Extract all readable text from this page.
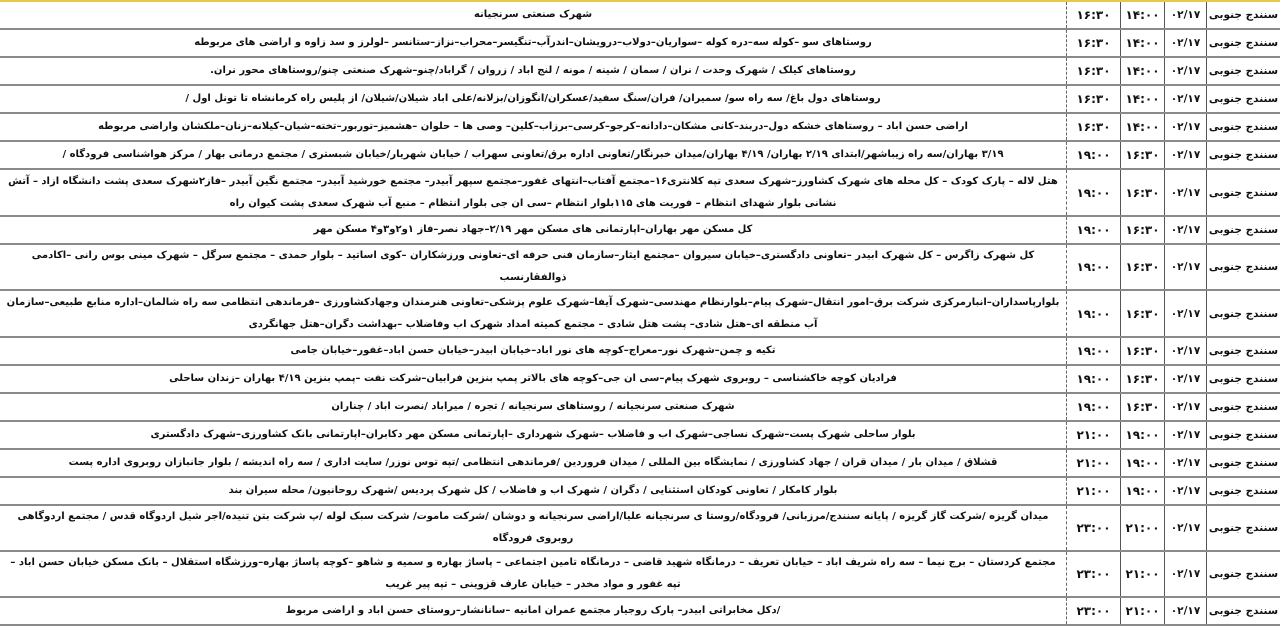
سنندج جنوبی
۰۲/۱۷
۱۴:۰۰
۱۶:۳۰
شهرک صنعتی سرنجیانه
سنندج جنوبی
۰۲/۱۷
۱۴:۰۰
۱۶:۳۰
روستاهای سو –کوله سه–دره کوله –سواریان–دولاب–درویشان–اندرآب–تنگیسر–محراب–نزاز–ستانسر –لولرز و سد زاوه و اراضی های مربوطه
سنندج جنوبی
۰۲/۱۷
۱۴:۰۰
۱۶:۳۰
روستاهای کیلک / شهرک وحدت / نران / سمان / شینه / مونه / لنج اباد / زروان / گراباد/چنو–شهرک صنعتی چنو/روستاهای محور نران.
سنندج جنوبی
۰۲/۱۷
۱۴:۰۰
۱۶:۳۰
روستاهای دول باغ/ سه راه سو/ سمیران/ فران/سنگ سفید/عسکران/انگوزان/بزلانه/علی اباد شیلان/شیلان/ از پلیس راه کرمانشاه تا تونل اول /
سنندج جنوبی
۰۲/۱۷
۱۴:۰۰
۱۶:۳۰
اراضی حسن اباد – روستاهای خشکه دول–دربند–کانی مشکان–دادانه–کرجو–کرسی–برزاب–کلین– وصی ها – حلوان –هشمیز–توربور–تخته–شیان–کیلانه–زنان–ملکشان واراضی مربوطه
سنندج جنوبی
۰۲/۱۷
۱۶:۳۰
۱۹:۰۰
۳/۱۹ بهاران/سه راه زیباشهر/ابتدای ۲/۱۹ بهاران/ ۴/۱۹ بهاران/میدان خبرنگار/تعاونی اداره برق/تعاونی سهراب / خیابان شهریار/خیابان شبستری / مجتمع درمانی بهار / مرکز هواشناسی فرودگاه /
سنندج جنوبی
۰۲/۱۷
۱۶:۳۰
۱۹:۰۰
هتل لاله – پارک کودک – کل محله های شهرک کشاورز–شهرک سعدی تپه کلانتری۱۶–مجتمع آفتاب–انتهای غفور–مجتمع سپهر آبیدر– مجتمع خورشید آبیدر– مجتمع نگین آبیدر –فاز۲شهرک سعدی پشت دانشگاه ازاد – آتش نشانی بلوار شهدای انتظام – فوریت های ۱۱۵بلوار انتظام –سی ان جی بلوار انتظام – منبع آب شهرک سعدی پشت کیوان راه
سنندج جنوبی
۰۲/۱۷
۱۶:۳۰
۱۹:۰۰
کل مسکن مهر بهاران–اپارتمانی های مسکن مهر ۲/۱۹–جهاد نصر–فاز ۱و۲و۳و۴ مسکن مهر
سنندج جنوبی
۰۲/۱۷
۱۶:۳۰
۱۹:۰۰
کل شهرک زاگرس – کل شهرک ابیدر –تعاونی دادگستری–خیابان سیروان –مجتمع ایثار–سازمان فنی حرفه ای–تعاونی ورزشکاران –کوی اساتید – بلوار حمدی – مجتمع سرگل – شهرک مینی بوس رانی –اکادمی ذوالفقارنسب
سنندج جنوبی
۰۲/۱۷
۱۶:۳۰
۱۹:۰۰
بلوارپاسداران–انبارمرکزی شرکت برق–امور انتقال–شهرک پیام–بلوارنظام مهندسی–شهرک آیفا–شهرک علوم پزشکی–تعاونی هنرمندان وجهادکشاورزی –فرماندهی انتظامی سه راه شالمان–اداره منابع طبیعی–سازمان آب منطقه ای–هتل شادی– پشت هتل شادی – مجتمع کمیته امداد شهرک اب وفاضلاب –بهداشت دگران–هتل جهانگردی
سنندج جنوبی
۰۲/۱۷
۱۶:۳۰
۱۹:۰۰
تکیه و چمن–شهرک نور–معراج–کوچه های نور اباد–خیابان ابیدر–خیابان حسن اباد–غفور–خیابان جامی
سنندج جنوبی
۰۲/۱۷
۱۶:۳۰
۱۹:۰۰
فرادیان کوچه خاکشناسی – روبروی شهرک پیام–سی ان جی–کوچه های بالاتر پمپ بنزین فرابیان–شرکت نفت –پمپ بنزین ۴/۱۹ بهاران –زندان ساحلی
سنندج جنوبی
۰۲/۱۷
۱۶:۳۰
۱۹:۰۰
شهرک صنعتی سرنجیانه / روستاهای سرنجیانه / تجره / میراباد /نصرت اباد / چناران
سنندج جنوبی
۰۲/۱۷
۱۹:۰۰
۲۱:۰۰
بلوار ساحلی شهرک پست–شهرک نساجی–شهرک اب و فاضلاب –شهرک شهرداری –اپارتمانی مسکن مهر دکابران–اپارتمانی بانک کشاورزی–شهرک دادگستری
سنندج جنوبی
۰۲/۱۷
۱۹:۰۰
۲۱:۰۰
قشلاق / میدان بار / میدان قران / جهاد کشاورزی / نمایشگاه بین المللی / میدان فروردین /فرماندهی انتظامی /تپه توس نوزر/ سایت اداری / سه راه اندیشه / بلوار جانبازان روبروی اداره پست
سنندج جنوبی
۰۲/۱۷
۱۹:۰۰
۲۱:۰۰
بلوار کامکار / تعاونی کودکان استثنایی / دگران / شهرک اب و فاضلاب / کل شهرک پردیس /شهرک روحانیون/ محله سیران بند
سنندج جنوبی
۰۲/۱۷
۲۱:۰۰
۲۳:۰۰
میدان گریزه /شرکت گاز گریزه / پایانه سنندج/مرزبانی/ فرودگاه/روستا ی سرنجیانه علیا/اراضی سرنجیانه و دوشان /شرکت ماموت/ شرکت سبک لوله /پ شرکت بتن تنیده/اجر شیل اردوگاه قدس / مجتمع اردوگاهی روبروی فرودگاه
سنندج جنوبی
۰۲/۱۷
۲۱:۰۰
۲۳:۰۰
مجتمع کردستان – برج نیما – سه راه شریف اباد – خیابان تعریف – درمانگاه شهید قاضی – درمانگاه تامین اجتماعی – پاساژ بهاره و سمیه و شاهو –کوچه پاساژ بهاره–ورزشگاه استقلال – بانک مسکن خیابان حسن اباد –تپه غفور و مواد مخدر – خیابان عارف قزوینی – تپه پیر غریب
سنندج جنوبی
۰۲/۱۷
۲۱:۰۰
۲۳:۰۰
/دکل مخابراتی ابیدر– پارک روجیار مجتمع عمران امانیه –سانانشار–روستای حسن اباد و اراضی مربوط
